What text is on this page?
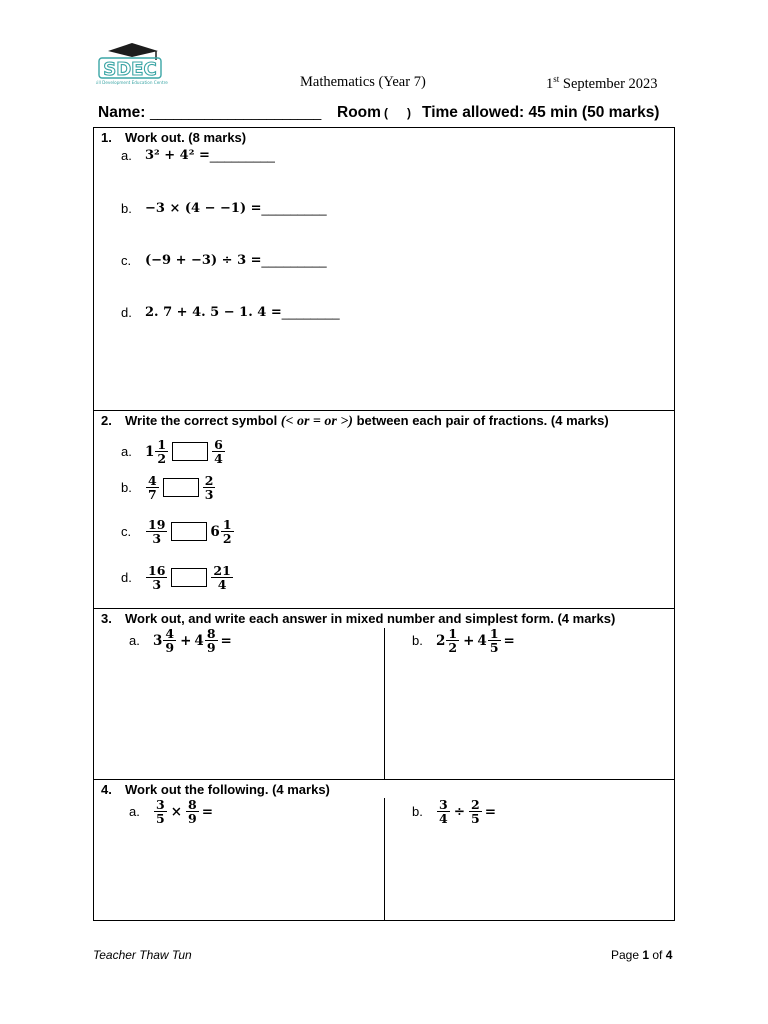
SDEC
Skill Development Education Centre	Mathematics (Year 7)	1st September 2023
Name: ______________________ Room ( ) Time allowed: 45 min (50 marks)
1. Work out. (8 marks)
a.	3² + 4² = _________
b.	−3 × (4 − −1) = _________
c.	(−9 + −3) ÷ 3 = _________
d.	2. 7 + 4. 5 − 1. 4 = ________
2. Write the correct symbol (< or = or >) between each pair of fractions. (4 marks)
a. $1 \frac{1}{2}$	$\frac{6}{4}$
b.	$\frac{4}{7}$	$\frac{2}{3}$
c.	$\frac{19}{3}$	$6 \frac{1}{2}$
d.	$\frac{16}{3}$	$\frac{21}{4}$
3. Work out, and write each answer in mixed number and simplest form. (4 marks)
a. $3 \frac{4}{9} + 4 \frac{8}{9}$ =	b. $2 \frac{1}{2} + 4 \frac{1}{5}$ =
4. Work out the following. (4 marks)
a.	$\frac{3}{5} \times \frac{8}{9}$ =	b.	$\frac{3}{4} \div \frac{2}{5}$ =
Teacher Thaw Tun	Page 1 of 4
